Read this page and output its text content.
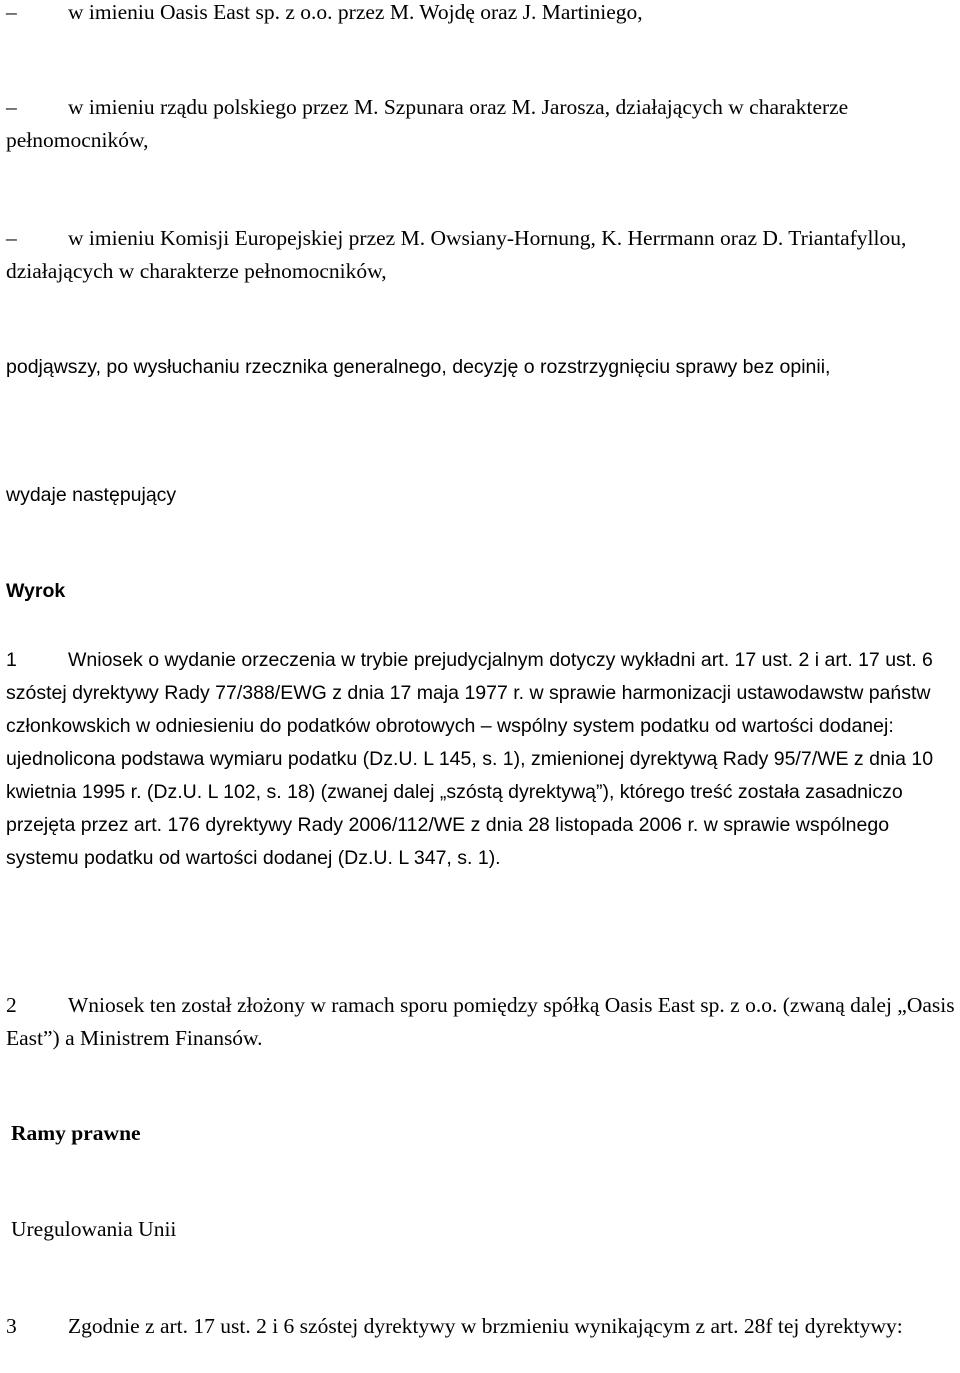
– w imieniu Oasis East sp. z o.o. przez M. Wojdę oraz J. Martiniego,

– w imieniu rządu polskiego przez M. Szpunara oraz M. Jarosza, działających w charakterze pełnomocników,

– w imieniu Komisji Europejskiej przez M. Owsiany‑Hornung, K. Herrmann oraz D. Triantafyllou, działających w charakterze pełnomocników,

podjąwszy, po wysłuchaniu rzecznika generalnego, decyzję o rozstrzygnięciu sprawy bez opinii,

wydaje następujący

Wyrok

1	Wniosek o wydanie orzeczenia w trybie prejudycjalnym dotyczy wykładni art. 17 ust. 2 i art. 17 ust. 6 szóstej dyrektywy Rady 77/388/EWG z dnia 17 maja 1977 r. w sprawie harmonizacji ustawodawstw państw członkowskich w odniesieniu do podatków obrotowych – wspólny system podatku od wartości dodanej: ujednolicona podstawa wymiaru podatku (Dz.U. L 145, s. 1), zmienionej dyrektywą Rady 95/7/WE z dnia 10 kwietnia 1995 r. (Dz.U. L 102, s. 18) (zwanej dalej „szóstą dyrektywą”), którego treść została zasadniczo przejęta przez art. 176 dyrektywy Rady 2006/112/WE z dnia 28 listopada 2006 r. w sprawie wspólnego systemu podatku od wartości dodanej (Dz.U. L 347, s. 1).

2 Wniosek ten został złożony w ramach sporu pomiędzy spółką Oasis East sp. z o.o. (zwaną dalej „Oasis East”) a Ministrem Finansów.

Ramy prawne

Uregulowania Unii

3 Zgodnie z art. 17 ust. 2 i 6 szóstej dyrektywy w brzmieniu wynikającym z art. 28f tej dyrektywy:
